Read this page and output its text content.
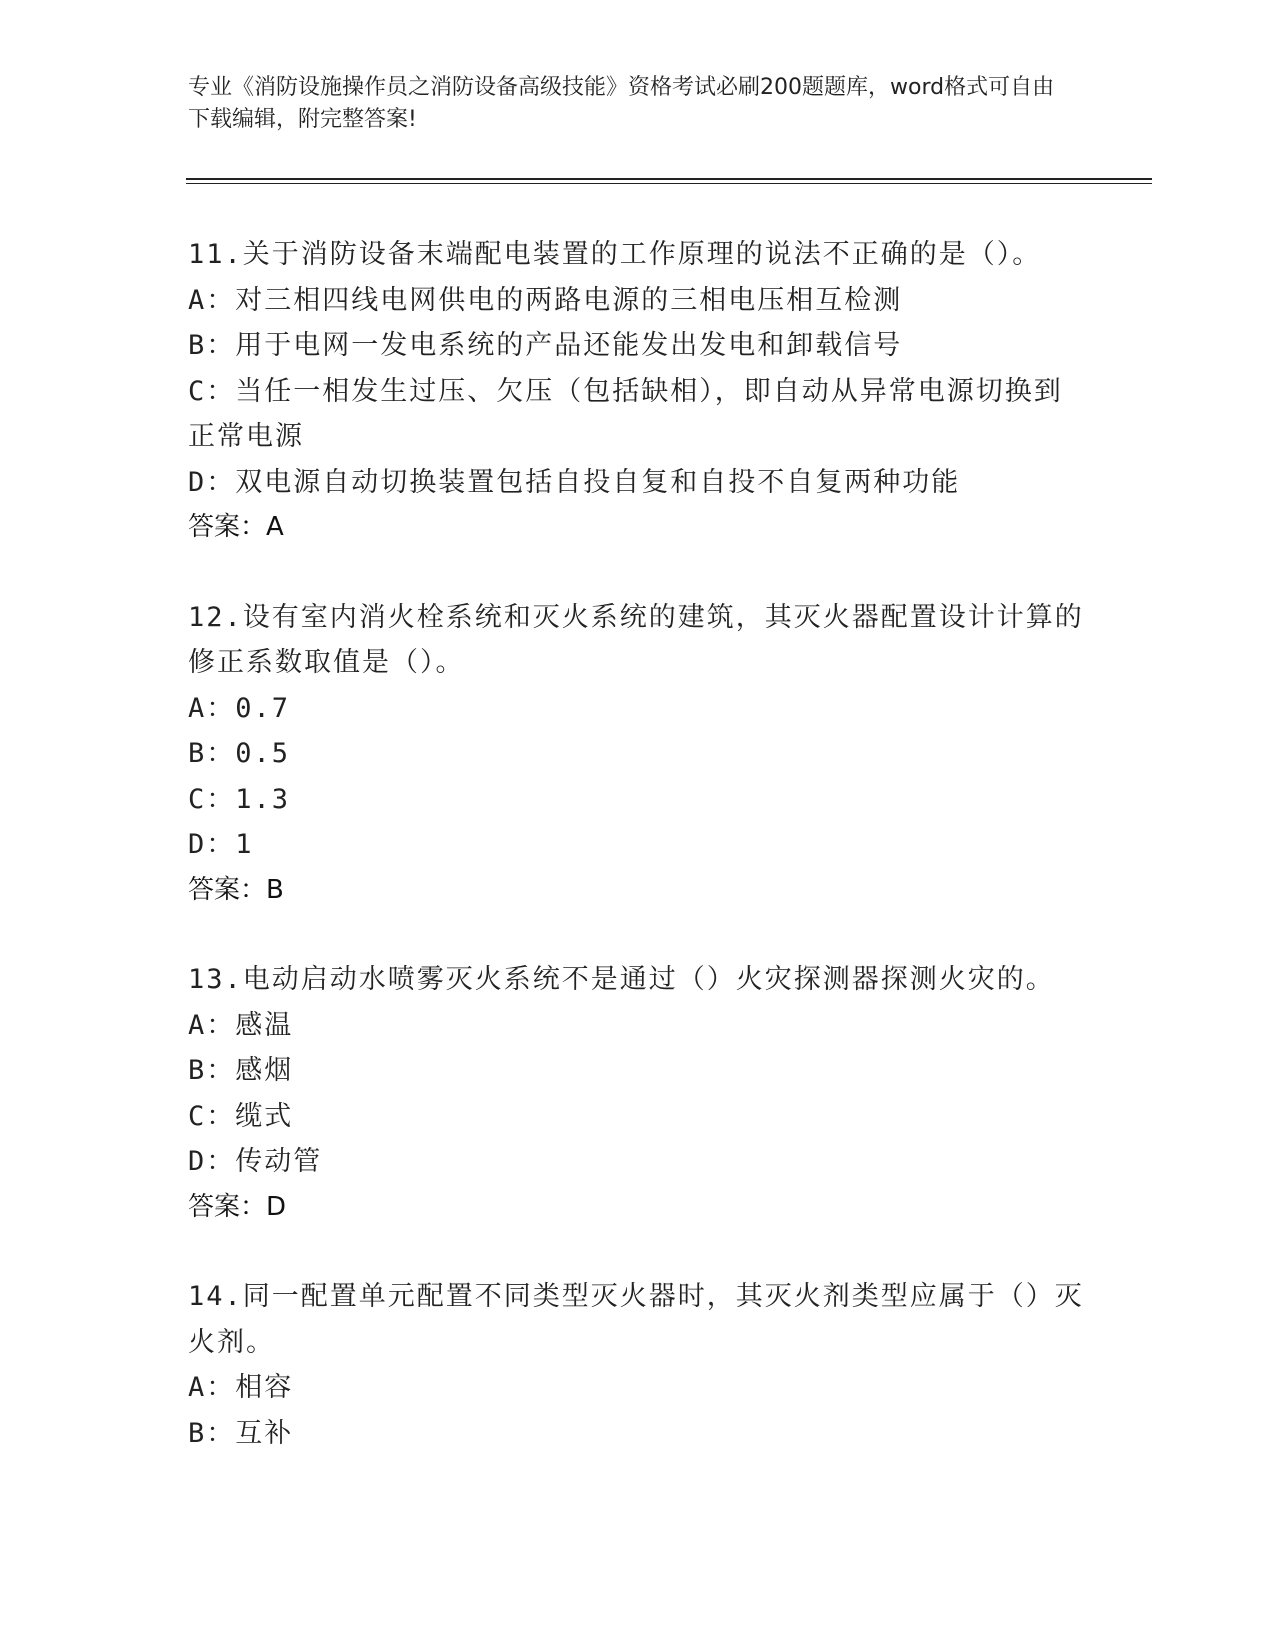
专业《消防设施操作员之消防设备高级技能》资格考试必刷200题题库，word格式可自由下载编辑，附完整答案!
11.关于消防设备末端配电装置的工作原理的说法不正确的是（）。
A：对三相四线电网供电的两路电源的三相电压相互检测
B：用于电网一发电系统的产品还能发出发电和卸载信号
C：当任一相发生过压、欠压（包括缺相），即自动从异常电源切换到正常电源
D：双电源自动切换装置包括自投自复和自投不自复两种功能
答案：A
12.设有室内消火栓系统和灭火系统的建筑，其灭火器配置设计计算的修正系数取值是（）。
A：0.7
B：0.5
C：1.3
D：1
答案：B
13.电动启动水喷雾灭火系统不是通过（）火灾探测器探测火灾的。
A：感温
B：感烟
C：缆式
D：传动管
答案：D
14.同一配置单元配置不同类型灭火器时，其灭火剂类型应属于（）灭火剂。
A：相容
B：互补
